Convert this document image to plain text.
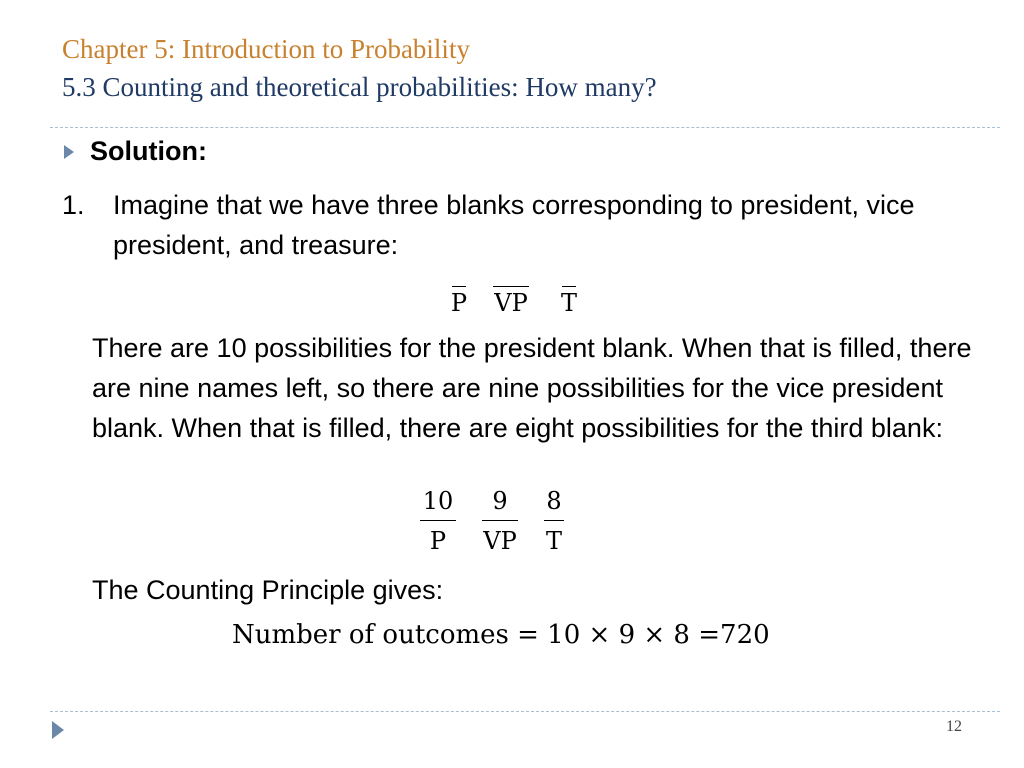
Chapter 5: Introduction to Probability
5.3 Counting and theoretical probabilities: How many?
Solution:
1. Imagine that we have three blanks corresponding to president, vice president, and treasure:
P	VP	T
There are 10 possibilities for the president blank. When that is filled, there are nine names left, so there are nine possibilities for the vice president blank. When that is filled, there are eight possibilities for the third blank:
$\frac{10}{P} \frac{9}{VP} \frac{8}{T}$
The Counting Principle gives:
Number of outcomes = 10 × 9 × 8 =720
12
